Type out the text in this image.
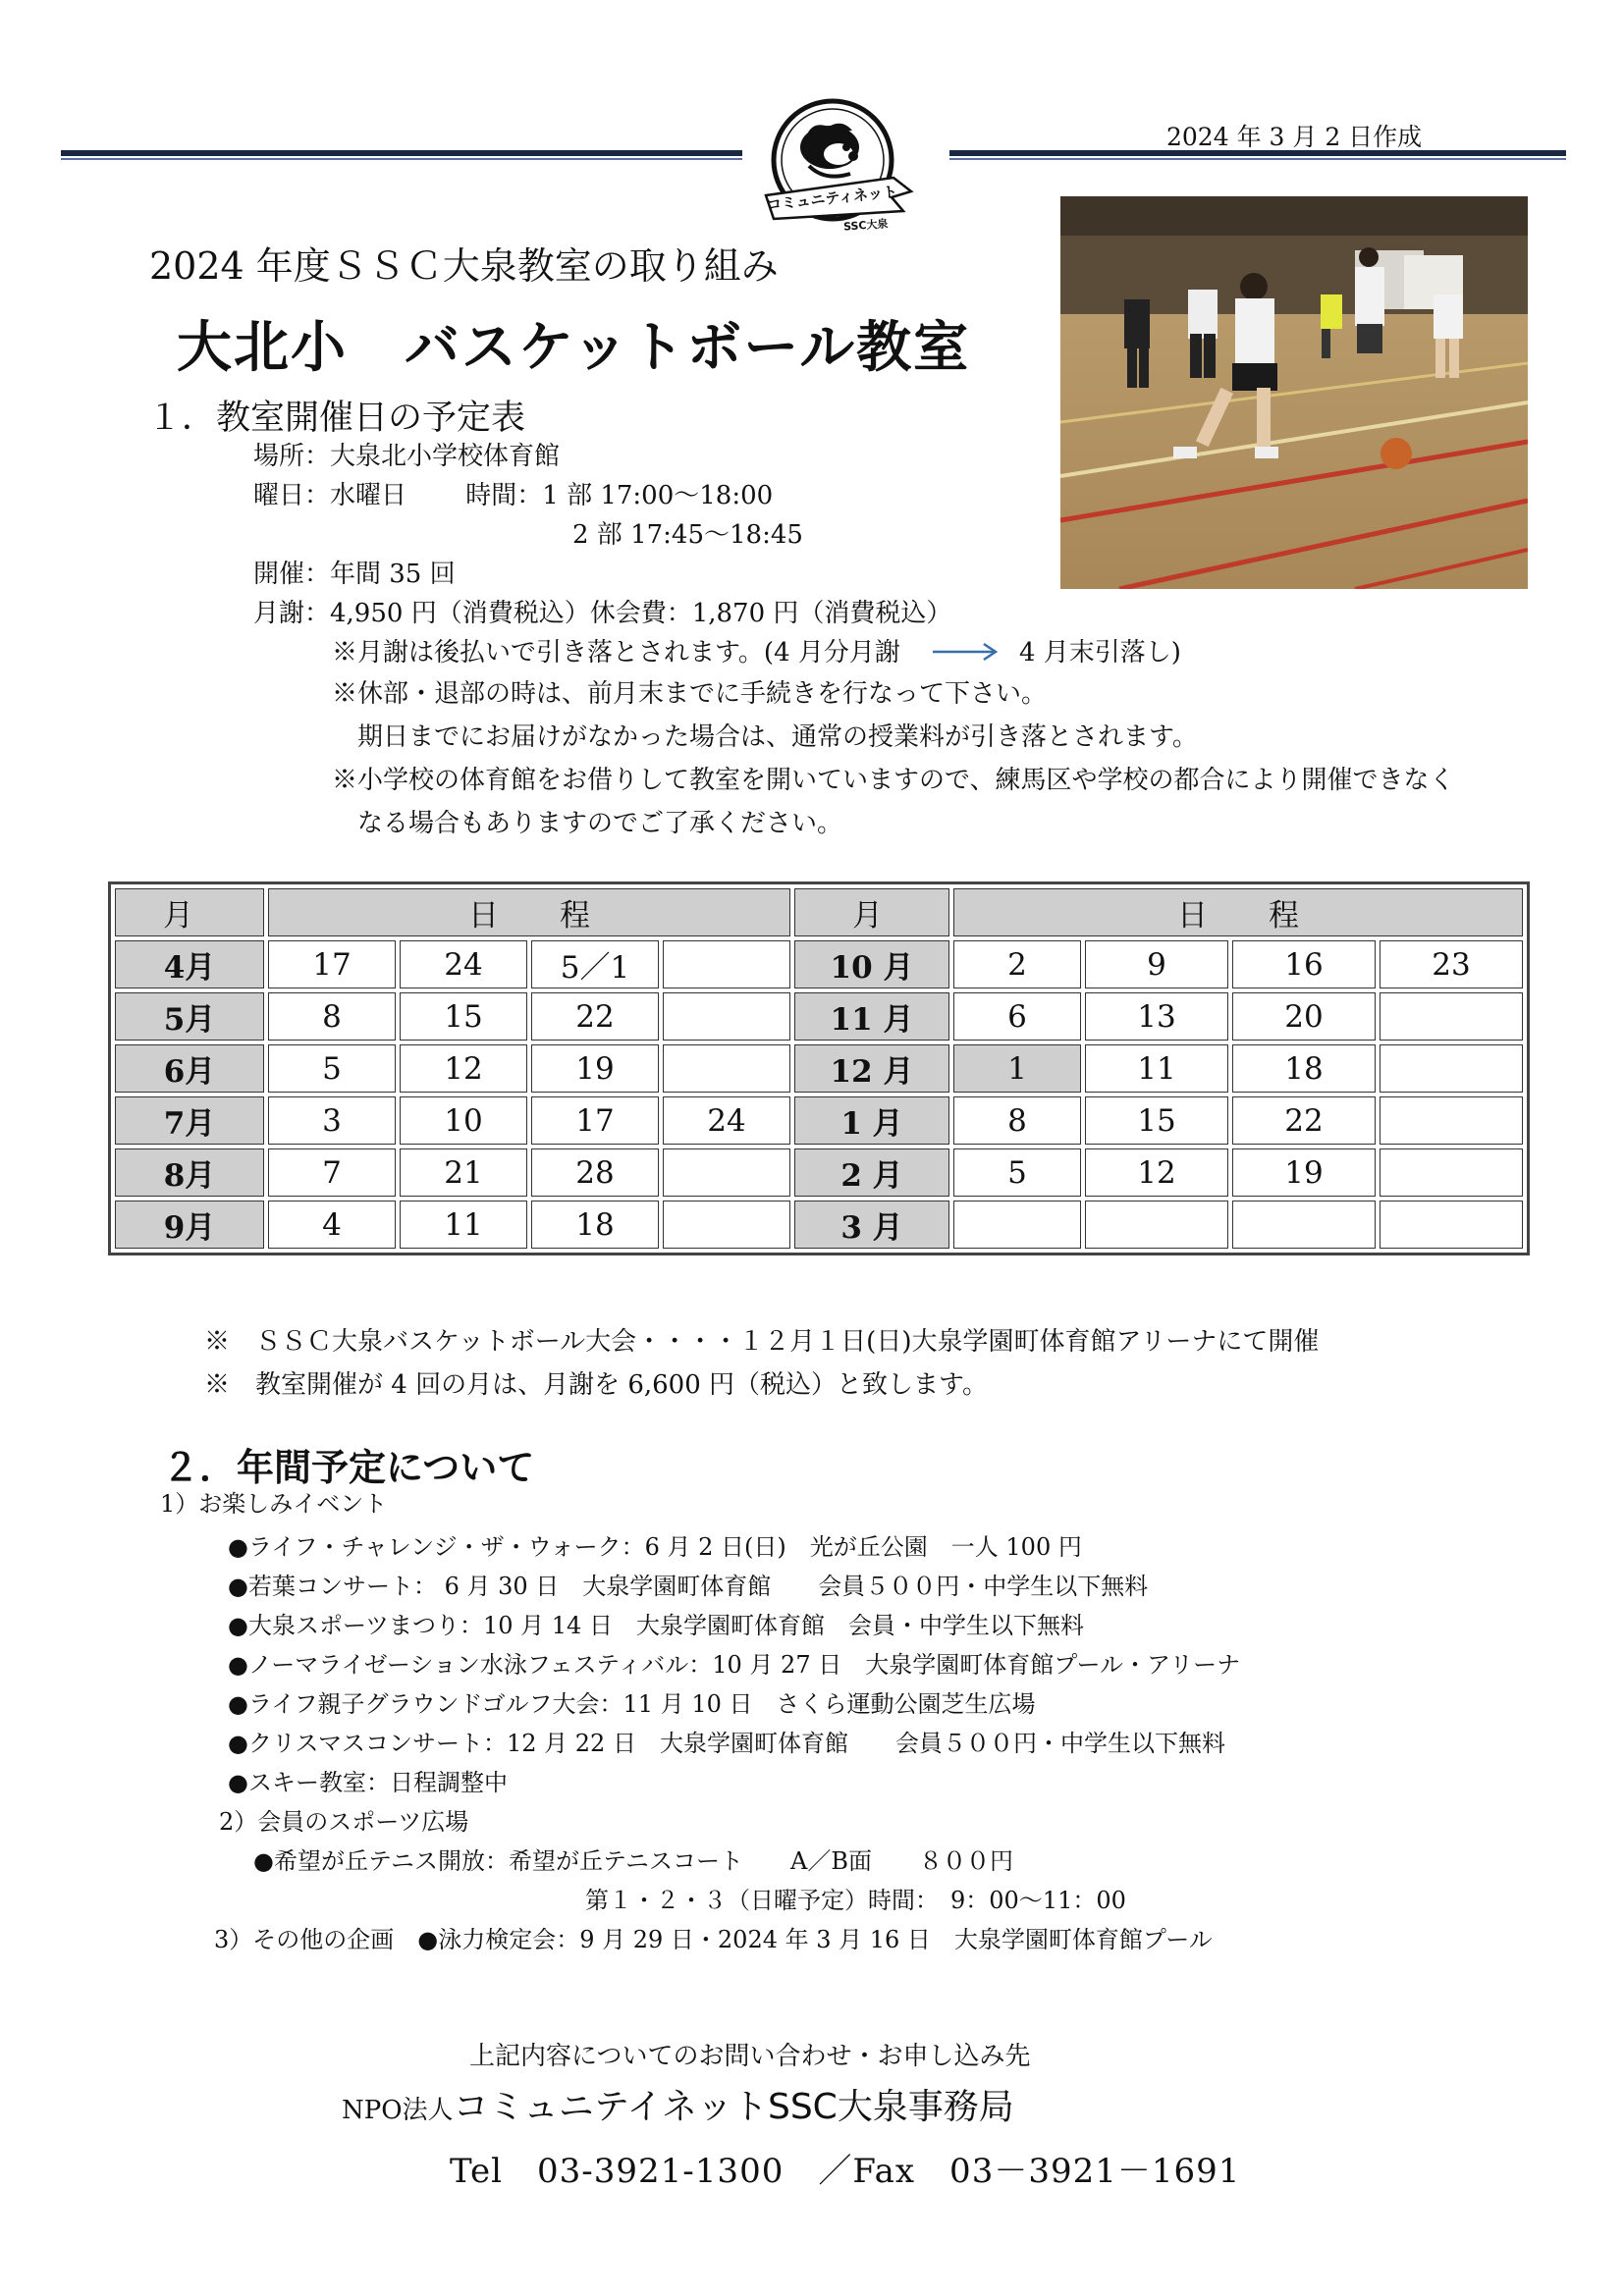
2024 年 3 月 2 日作成
コミュニティネット
SSC大泉
2024 年度ＳＳＣ大泉教室の取り組み
大北小　バスケットボール教室
１．教室開催日の予定表
場所：大泉北小学校体育館
曜日：水曜日　　 時間：1 部 17:00～18:00
2 部 17:45～18:45
開催：年間 35 回
月謝：4,950 円（消費税込）休会費：1,870 円（消費税込）
※月謝は後払いで引き落とされます。(4 月分月謝	4 月末引落し)
※休部・退部の時は、前月末までに手続きを行なって下さい。
　期日までにお届けがなかった場合は、通常の授業料が引き落とされます。
※小学校の体育館をお借りして教室を開いていますので、練馬区や学校の都合により開催できなく
　なる場合もありますのでご了承ください。
月	日　　程				月	日　　程			
4月	17	24	5／1		10 月	2	9	16	23
5月	8	15	22		11 月	6	13	20	
6月	5	12	19		12 月	1	11	18	
7月	3	10	17	24	1 月	8	15	22	
8月	7	21	28		2 月	5	12	19	
9月	4	11	18		3 月				
※　ＳＳＣ大泉バスケットボール大会・・・・１２月１日(日)大泉学園町体育館アリーナにて開催
※　教室開催が 4 回の月は、月謝を 6,600 円（税込）と致します。
２．年間予定について
1）お楽しみイベント
●ライフ・チャレンジ・ザ・ウォーク：6 月 2 日(日)　光が丘公園　一人 100 円
●若葉コンサート： 6 月 30 日　大泉学園町体育館　　会員５００円・中学生以下無料
●大泉スポーツまつり：10 月 14 日　大泉学園町体育館　会員・中学生以下無料
●ノーマライゼーション水泳フェスティバル：10 月 27 日　大泉学園町体育館プール・アリーナ
●ライフ親子グラウンドゴルフ大会：11 月 10 日　さくら運動公園芝生広場
●クリスマスコンサート：12 月 22 日　大泉学園町体育館　　会員５００円・中学生以下無料
●スキー教室：日程調整中
2）会員のスポーツ広場
●希望が丘テニス開放：希望が丘テニスコート　　A／B面　　８００円
第１・２・３（日曜予定）時間：　9：00～11：00
3）その他の企画　●泳力検定会：9 月 29 日・2024 年 3 月 16 日　大泉学園町体育館プール
上記内容についてのお問い合わせ・お申し込み先
NPO法人コミュニテイネットSSC大泉事務局
Tel　03-3921-1300　／Fax　03－3921－1691
